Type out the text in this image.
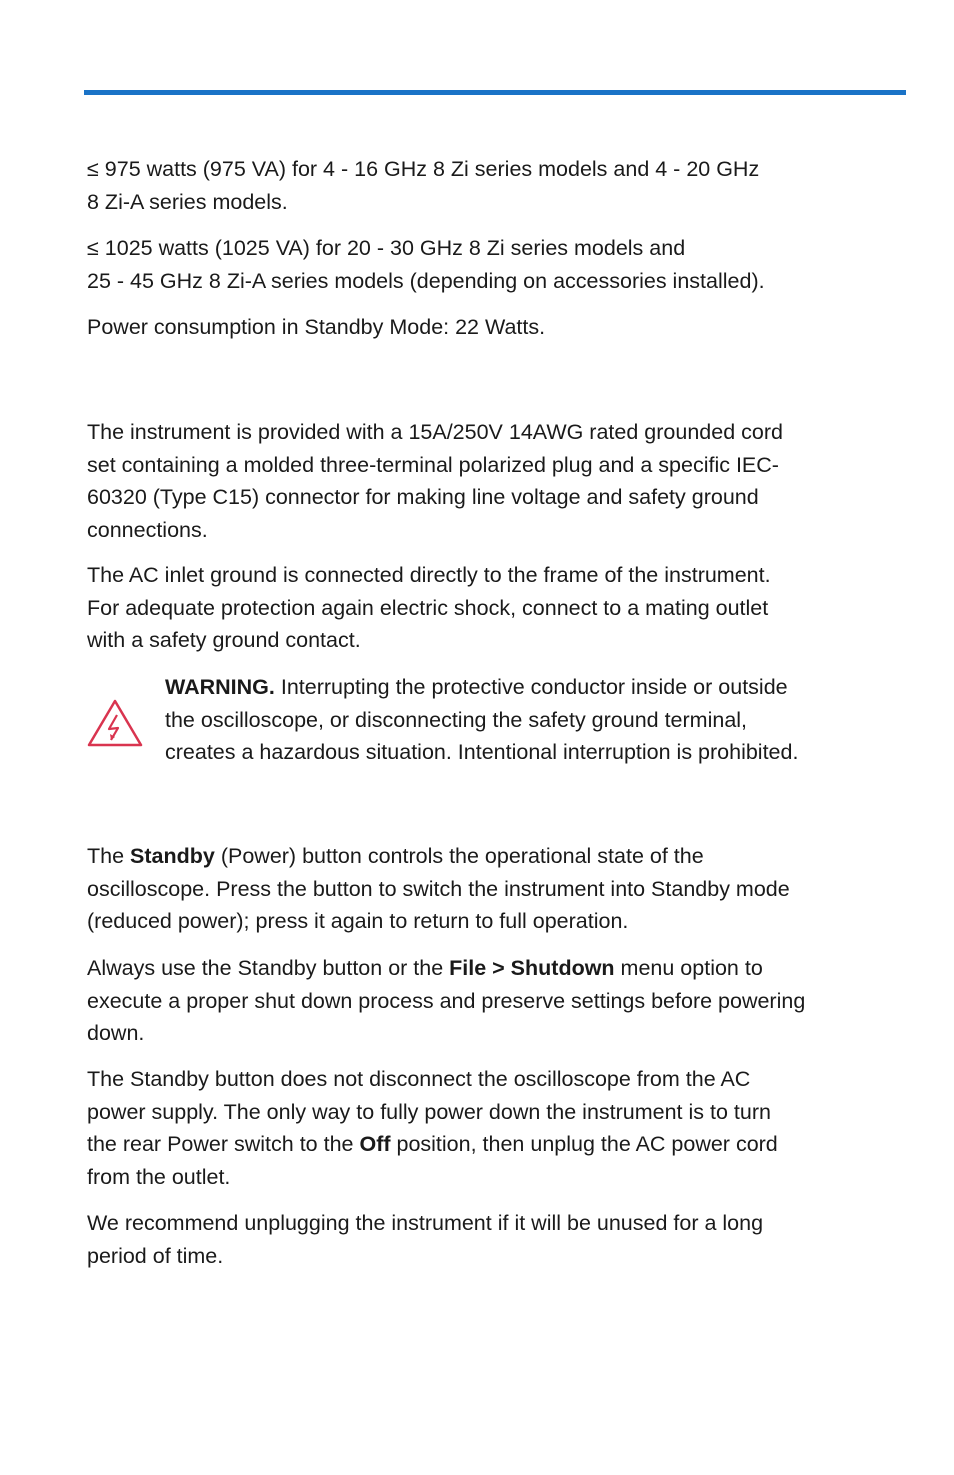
≤ 975 watts (975 VA) for 4 - 16 GHz 8 Zi series models and 4 - 20 GHz
8 Zi-A series models.

≤ 1025 watts (1025 VA) for 20 - 30 GHz 8 Zi series models and
25 - 45 GHz 8 Zi-A series models (depending on accessories installed).

Power consumption in Standby Mode: 22 Watts.

The instrument is provided with a 15A/250V 14AWG rated grounded cord
set containing a molded three-terminal polarized plug and a specific IEC-
60320 (Type C15) connector for making line voltage and safety ground
connections.

The AC inlet ground is connected directly to the frame of the instrument.
For adequate protection again electric shock, connect to a mating outlet
with a safety ground contact.

WARNING. Interrupting the protective conductor inside or outside
the oscilloscope, or disconnecting the safety ground terminal,
creates a hazardous situation. Intentional interruption is prohibited.

The Standby (Power) button controls the operational state of the
oscilloscope. Press the button to switch the instrument into Standby mode
(reduced power); press it again to return to full operation.

Always use the Standby button or the File > Shutdown menu option to
execute a proper shut down process and preserve settings before powering
down.

The Standby button does not disconnect the oscilloscope from the AC
power supply. The only way to fully power down the instrument is to turn
the rear Power switch to the Off position, then unplug the AC power cord
from the outlet.

We recommend unplugging the instrument if it will be unused for a long
period of time.
